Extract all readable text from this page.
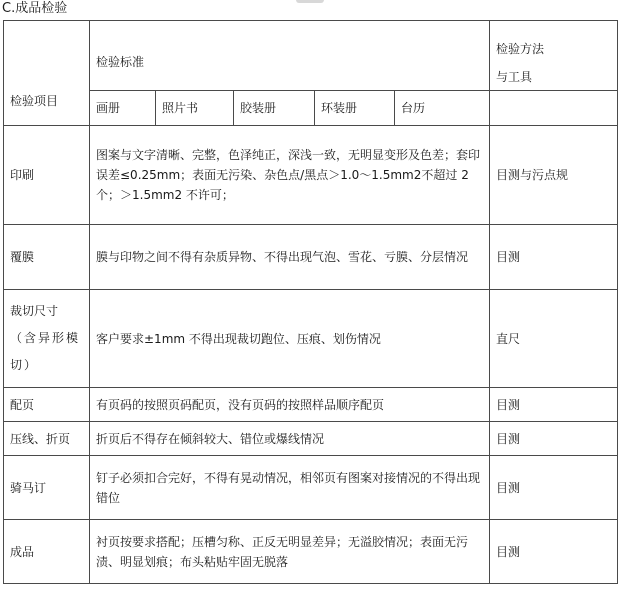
C.成品检验
检验项目	检验标准					检验方法
与工具

	画册	照片书	胶装册	环装册	台历	
印刷	图案与文字清晰、完整，色泽纯正，深浅一致，无明显变形及色差；套印误差≤0.25mm；表面无污染、杂色点/黑点＞1.0～1.5mm2不超过 2 个；＞1.5mm2 不许可；					目测与污点规
覆膜	膜与印物之间不得有杂质异物、不得出现气泡、雪花、亏膜、分层情况					目测

裁切尺寸
（含异形模切）	客户要求±1mm 不得出现裁切跑位、压痕、划伤情况					直尺
配页	有页码的按照页码配页，没有页码的按照样品顺序配页					目测
压线、折页	折页后不得存在倾斜较大、错位或爆线情况					目测
骑马订	钉子必须扣合完好，不得有晃动情况，相邻页有图案对接情况的不得出现错位					目测
成品	衬页按要求搭配；压槽匀称、正反无明显差异；无溢胶情况；表面无污渍、明显划痕；布头粘贴牢固无脱落					目测
